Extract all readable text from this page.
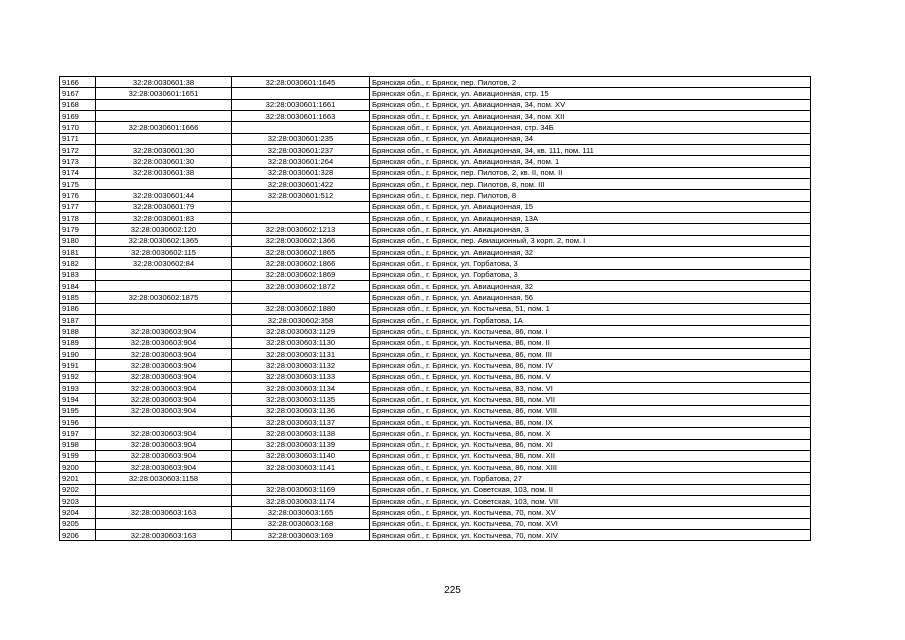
9166	32:28:0030601:38	32:28:0030601:1645	Брянская обл., г. Брянск, пер. Пилотов, 2
9167	32:28:0030601:1651		Брянская обл., г. Брянск, ул. Авиационная, стр. 15
9168		32:28:0030601:1661	Брянская обл., г. Брянск, ул. Авиационная, 34, пом. XV
9169		32:28:0030601:1663	Брянская обл., г. Брянск, ул. Авиационная, 34, пом. XII
9170	32:28:0030601:1666		Брянская обл., г. Брянск, ул. Авиационная, стр. 34Б
9171		32:28:0030601:235	Брянская обл., г. Брянск, ул. Авиационная, 34
9172	32:28:0030601:30	32:28:0030601:237	Брянская обл., г. Брянск, ул. Авиационная, 34, кв. 111, пом. 111
9173	32:28:0030601:30	32:28:0030601:264	Брянская обл., г. Брянск, ул. Авиационная, 34, пом. 1
9174	32:28:0030601:38	32:28:0030601:328	Брянская обл., г. Брянск, пер. Пилотов, 2, кв. II, пом. II
9175		32:28:0030601:422	Брянская обл., г. Брянск, пер. Пилотов, 8, пом. III
9176	32:28:0030601:44	32:28:0030601:512	Брянская обл., г. Брянск, пер. Пилотов, 8
9177	32:28:0030601:79		Брянская обл., г. Брянск, ул. Авиационная, 15
9178	32:28:0030601:83		Брянская обл., г. Брянск, ул. Авиационная, 13А
9179	32:28:0030602:120	32:28:0030602:1213	Брянская обл., г. Брянск, ул. Авиационная, 3
9180	32:28:0030602:1365	32:28:0030602:1366	Брянская обл., г. Брянск, пер. Авиационный, 3 корп. 2, пом. I
9181	32:28:0030602:115	32:28:0030602:1865	Брянская обл., г. Брянск, ул. Авиационная, 32
9182	32:28:0030602:84	32:28:0030602:1866	Брянская обл., г. Брянск, ул. Горбатова, 3
9183		32:28:0030602:1869	Брянская обл., г. Брянск, ул. Горбатова, 3
9184		32:28:0030602:1872	Брянская обл., г. Брянск, ул. Авиационная, 32
9185	32:28:0030602:1875		Брянская обл., г. Брянск, ул. Авиационная, 56
9186		32:28:0030602:1880	Брянская обл., г. Брянск, ул. Костычева, 51, пом. 1
9187		32:28:0030602:358	Брянская обл., г. Брянск, ул. Горбатова, 1А
9188	32:28:0030603:904	32:28:0030603:1129	Брянская обл., г. Брянск, ул. Костычева, 86, пом. I
9189	32:28:0030603:904	32:28:0030603:1130	Брянская обл., г. Брянск, ул. Костычева, 86, пом. II
9190	32:28:0030603:904	32:28:0030603:1131	Брянская обл., г. Брянск, ул. Костычева, 86, пом. III
9191	32:28:0030603:904	32:28:0030603:1132	Брянская обл., г. Брянск, ул. Костычева, 86, пом. IV
9192	32:28:0030603:904	32:28:0030603:1133	Брянская обл., г. Брянск, ул. Костычева, 86, пом. V
9193	32:28:0030603:904	32:28:0030603:1134	Брянская обл., г. Брянск, ул. Костычева, 83, пом. VI
9194	32:28:0030603:904	32:28:0030603:1135	Брянская обл., г. Брянск, ул. Костычева, 86, пом. VII
9195	32:28:0030603:904	32:28:0030603:1136	Брянская обл., г. Брянск, ул. Костычева, 86, пом. VIII
9196		32:28:0030603:1137	Брянская обл., г. Брянск, ул. Костычева, 86, пом. IX
9197	32:28:0030603:904	32:28:0030603:1138	Брянская обл., г. Брянск, ул. Костычева, 86, пом. X
9198	32:28:0030603:904	32:28:0030603:1139	Брянская обл., г. Брянск, ул. Костычева, 86, пом. XI
9199	32:28:0030603:904	32:28:0030603:1140	Брянская обл., г. Брянск, ул. Костычева, 86, пом. XII
9200	32:28:0030603:904	32:28:0030603:1141	Брянская обл., г. Брянск, ул. Костычева, 86, пом. XIII
9201	32:28:0030603:1158		Брянская обл., г. Брянск, ул. Горбатова, 27
9202		32:28:0030603:1169	Брянская обл., г. Брянск, ул. Советская, 103, пом. II
9203		32:28:0030603:1174	Брянская обл., г. Брянск, ул. Советская, 103, пом. VII
9204	32:28:0030603:163	32:28:0030603:165	Брянская обл., г. Брянск, ул. Костычева, 70, пом. XV
9205		32:28:0030603:168	Брянская обл., г. Брянск, ул. Костычева, 70, пом. XVI
9206	32:28:0030603:163	32:28:0030603:169	Брянская обл., г. Брянск, ул. Костычева, 70, пом. XIV
225
